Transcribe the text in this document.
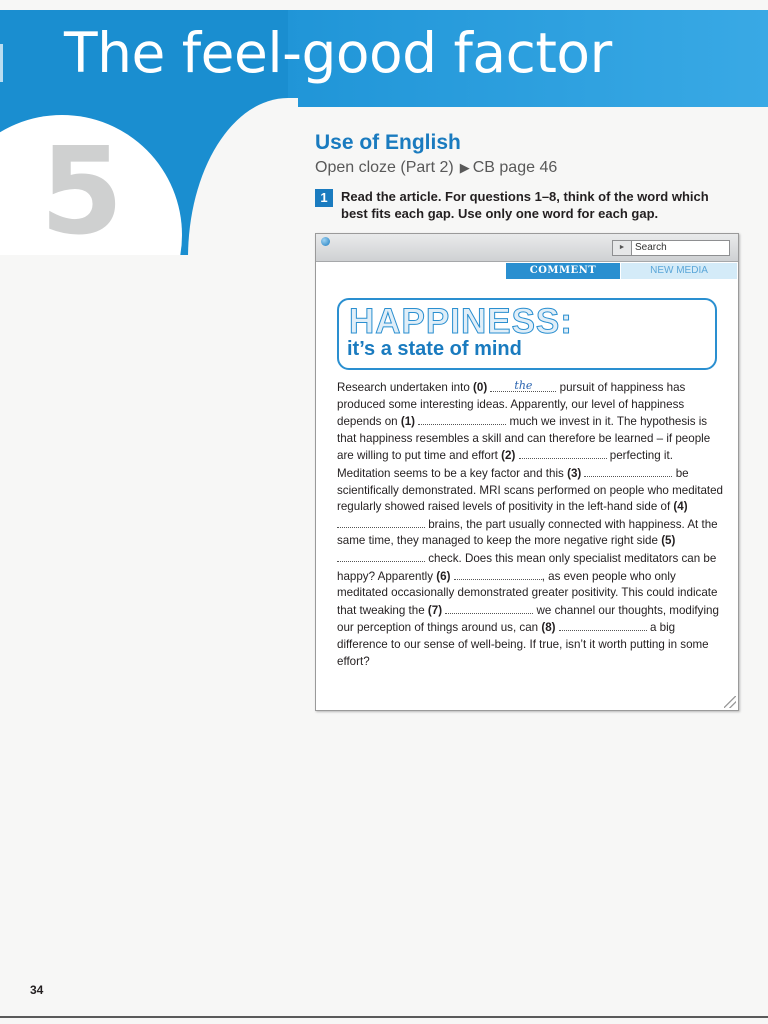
5
The feel-good factor
Use of English
Open cloze (Part 2) ▶ CB page 46
1	Read the article. For questions 1–8, think of the word which best fits each gap. Use only one word for each gap.
► Search
COMMENT	NEW MEDIA
HAPPINESS:
it’s a state of mind
Research undertaken into (0) the pursuit of happiness has produced some interesting ideas. Apparently, our level of happiness depends on (1)	much we invest in it. The hypothesis is that happiness resembles a skill and can therefore be learned – if people are willing to put time and effort (2)	perfecting it. Meditation seems to be a key factor and this (3)	be scientifically demonstrated. MRI scans performed on people who meditated regularly showed raised levels of positivity in the left-hand side of (4)  brains, the part usually connected with happiness. At the same time, they managed to keep the more negative right side (5)  check. Does this mean only specialist meditators can be happy? Apparently (6)	, as even people who only meditated occasionally demonstrated greater positivity. This could indicate that tweaking the (7)	we channel our thoughts, modifying our perception of things around us, can (8)	a big difference to our sense of well-being. If true, isn’t it worth putting in some effort?
34
